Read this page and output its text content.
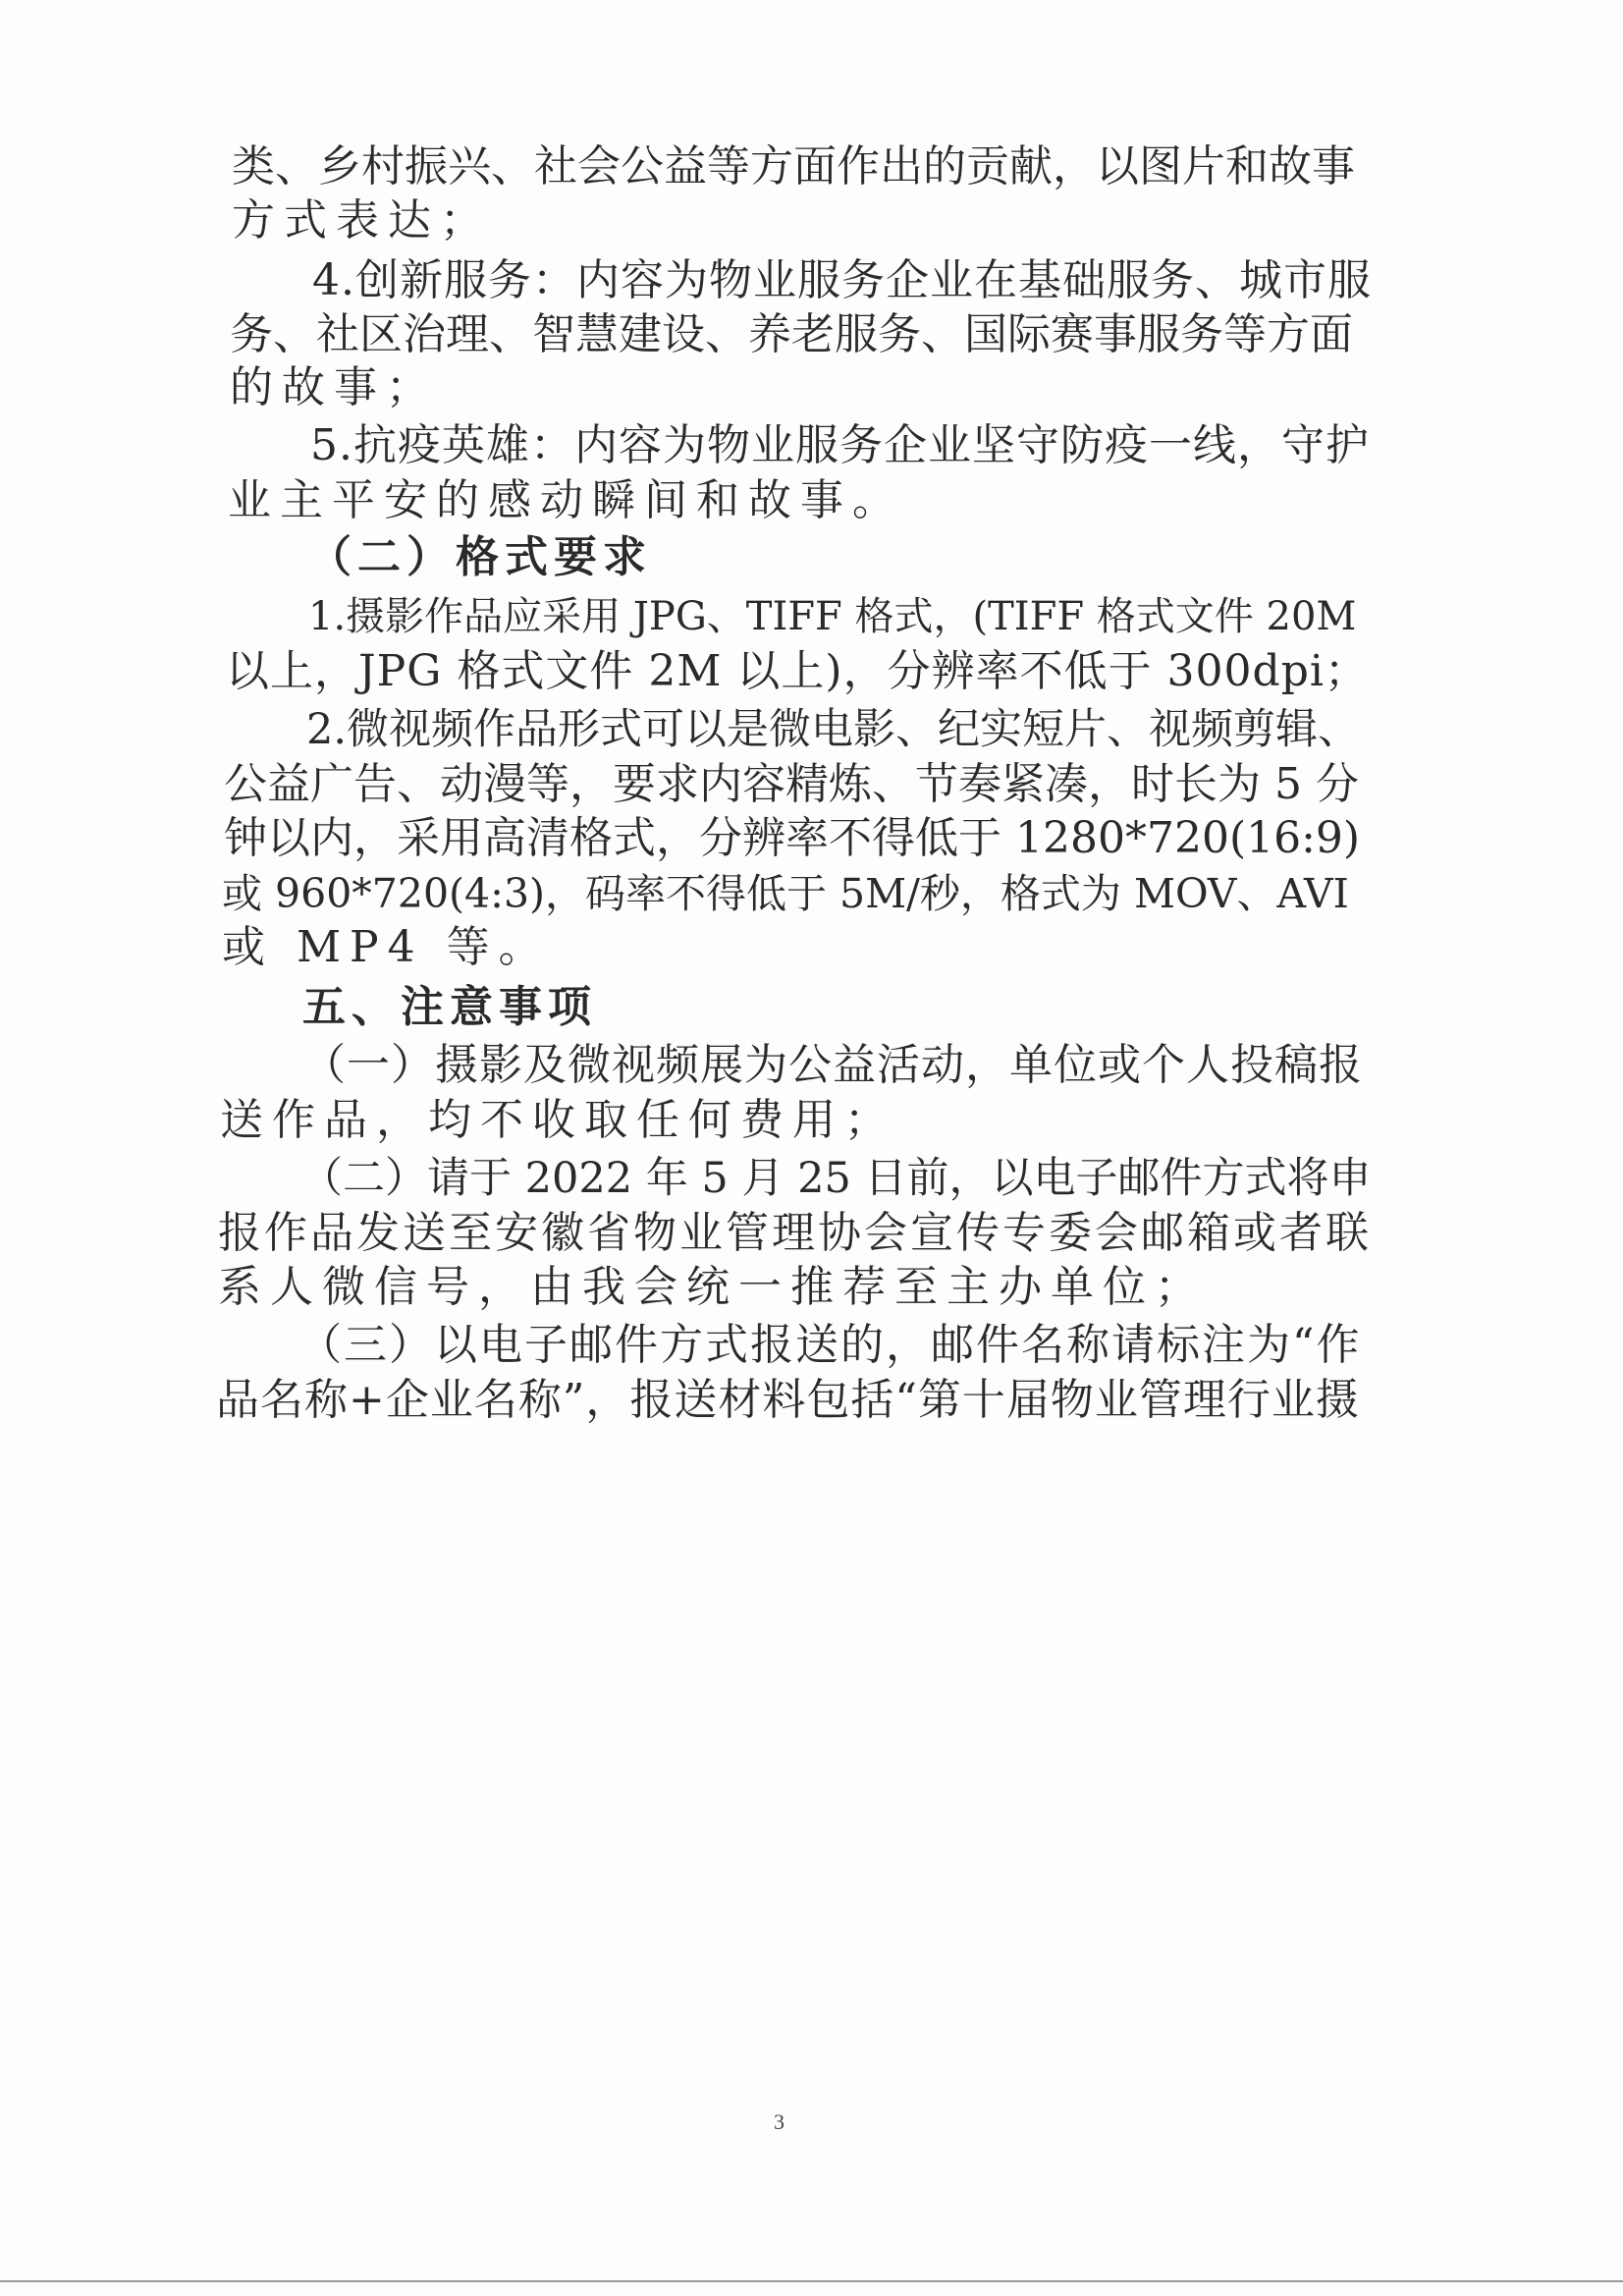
类、乡村振兴、社会公益等方面作出的贡献，以图片和故事
方式表达；
4.创新服务：内容为物业服务企业在基础服务、城市服
务、社区治理、智慧建设、养老服务、国际赛事服务等方面
的故事；
5.抗疫英雄：内容为物业服务企业坚守防疫一线，守护
业主平安的感动瞬间和故事。
（二）格式要求
1.摄影作品应采用 JPG、TIFF 格式，(TIFF 格式文件 20M
以上，JPG 格式文件 2M 以上)，分辨率不低于 300dpi；
2.微视频作品形式可以是微电影、纪实短片、视频剪辑、
公益广告、动漫等，要求内容精炼、节奏紧凑，时长为 5 分
钟以内，采用高清格式，分辨率不得低于 1280*720(16:9)
或 960*720(4:3)，码率不得低于 5M/秒，格式为 MOV、AVI
或 MP4 等。
五、注意事项
（一）摄影及微视频展为公益活动，单位或个人投稿报
送作品，均不收取任何费用；
（二）请于 2022 年 5 月 25 日前，以电子邮件方式将申
报作品发送至安徽省物业管理协会宣传专委会邮箱或者联
系人微信号，由我会统一推荐至主办单位；
（三）以电子邮件方式报送的，邮件名称请标注为“作
品名称+企业名称”，报送材料包括“第十届物业管理行业摄
3
